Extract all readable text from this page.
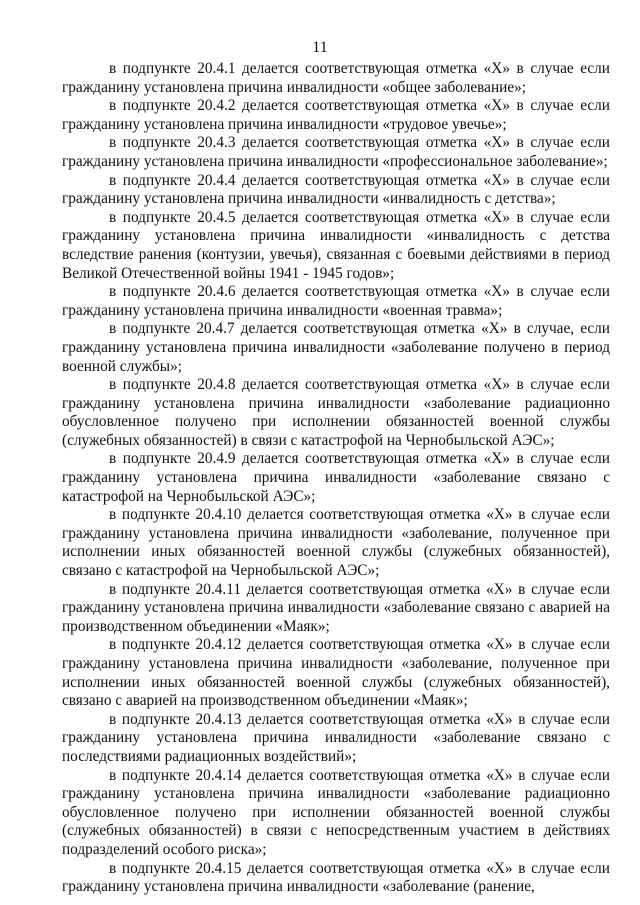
11

в подпункте 20.4.1 делается соответствующая отметка «X» в случае если гражданину установлена причина инвалидности «общее заболевание»;

в подпункте 20.4.2 делается соответствующая отметка «X» в случае если гражданину установлена причина инвалидности «трудовое увечье»;

в подпункте 20.4.3 делается соответствующая отметка «X» в случае если гражданину установлена причина инвалидности «профессиональное заболевание»;

в подпункте 20.4.4 делается соответствующая отметка «X» в случае если гражданину установлена причина инвалидности «инвалидность с детства»;

в подпункте 20.4.5 делается соответствующая отметка «X» в случае если гражданину установлена причина инвалидности «инвалидность с детства вследствие ранения (контузии, увечья), связанная с боевыми действиями в период Великой Отечественной войны 1941 - 1945 годов»;

в подпункте 20.4.6 делается соответствующая отметка «X» в случае если гражданину установлена причина инвалидности «военная травма»;

в подпункте 20.4.7 делается соответствующая отметка «X» в случае, если гражданину установлена причина инвалидности «заболевание получено в период военной службы»;

в подпункте 20.4.8 делается соответствующая отметка «X» в случае если гражданину установлена причина инвалидности «заболевание радиационно обусловленное получено при исполнении обязанностей военной службы (служебных обязанностей) в связи с катастрофой на Чернобыльской АЭС»;

в подпункте 20.4.9 делается соответствующая отметка «X» в случае если гражданину установлена причина инвалидности «заболевание связано с катастрофой на Чернобыльской АЭС»;

в подпункте 20.4.10 делается соответствующая отметка «X» в случае если гражданину установлена причина инвалидности «заболевание, полученное при исполнении иных обязанностей военной службы (служебных обязанностей), связано с катастрофой на Чернобыльской АЭС»;

в подпункте 20.4.11 делается соответствующая отметка «X» в случае если гражданину установлена причина инвалидности «заболевание связано с аварией на производственном объединении «Маяк»;

в подпункте 20.4.12 делается соответствующая отметка «X» в случае если гражданину установлена причина инвалидности «заболевание, полученное при исполнении иных обязанностей военной службы (служебных обязанностей), связано с аварией на производственном объединении «Маяк»;

в подпункте 20.4.13 делается соответствующая отметка «X» в случае если гражданину установлена причина инвалидности «заболевание связано с последствиями радиационных воздействий»;

в подпункте 20.4.14 делается соответствующая отметка «X» в случае если гражданину установлена причина инвалидности «заболевание радиационно обусловленное получено при исполнении обязанностей военной службы (служебных обязанностей) в связи с непосредственным участием в действиях подразделений особого риска»;

в подпункте 20.4.15 делается соответствующая отметка «X» в случае если гражданину установлена причина инвалидности «заболевание (ранение,
